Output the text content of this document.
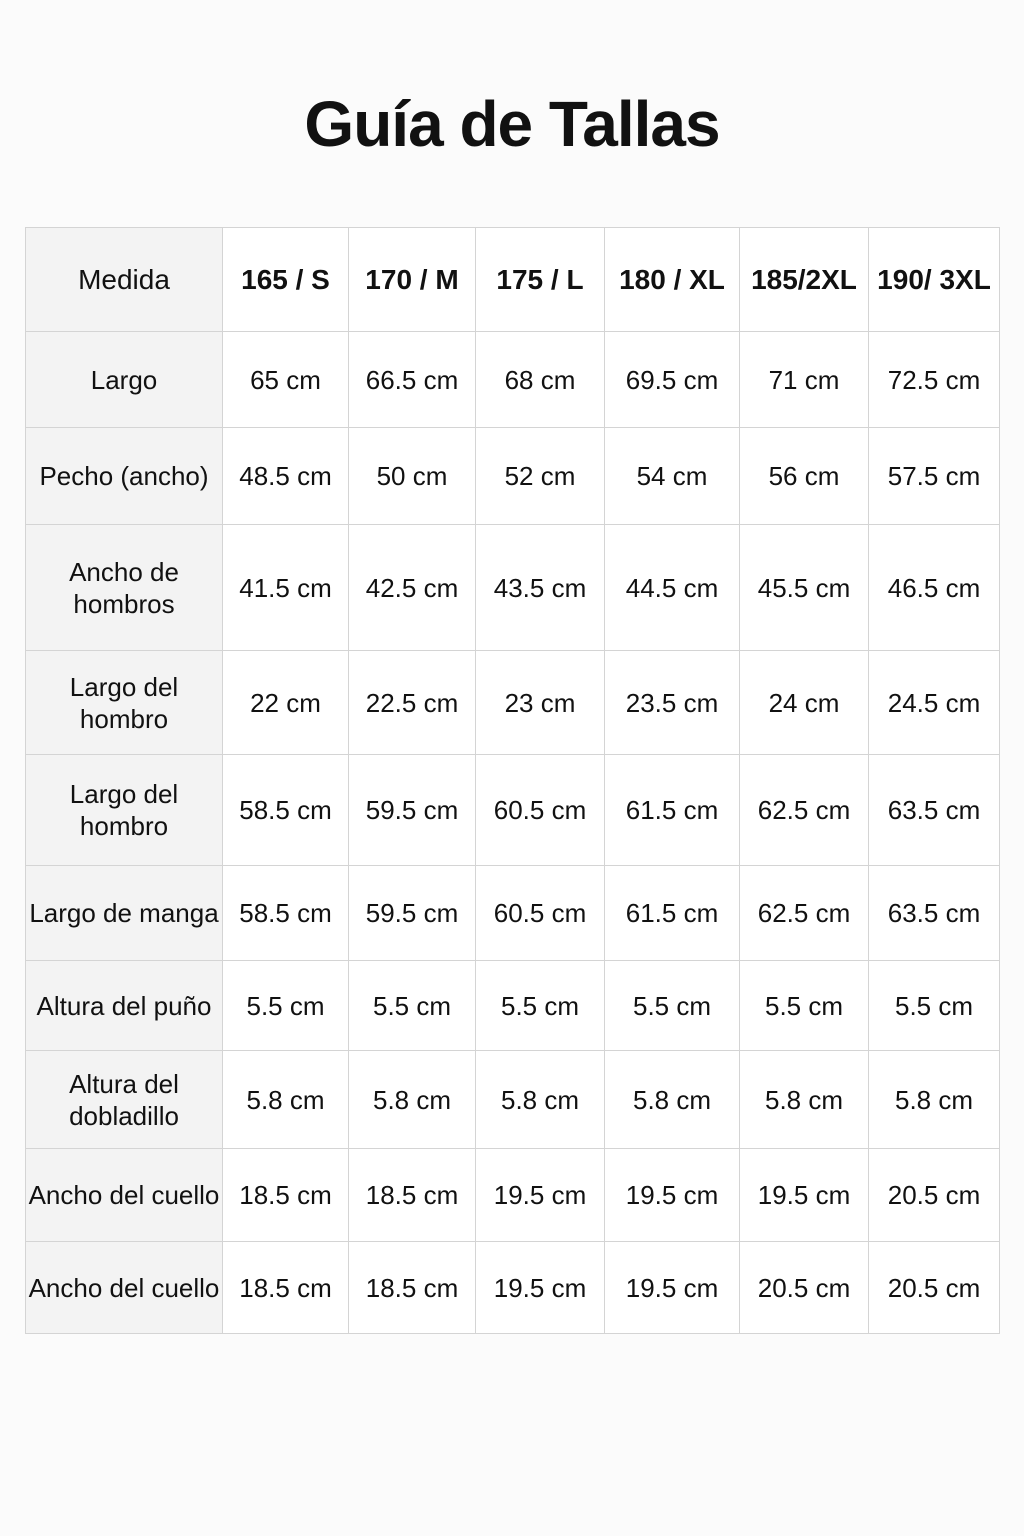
Guía de Tallas
Medida	165 / S	170 / M	175 / L	180 / XL	185/2XL	190/ 3XL
Largo	65 cm	66.5 cm	68 cm	69.5 cm	71 cm	72.5 cm
Pecho (ancho)	48.5 cm	50 cm	52 cm	54 cm	56 cm	57.5 cm
Ancho de hombros	41.5 cm	42.5 cm	43.5 cm	44.5 cm	45.5 cm	46.5 cm
Largo del hombro	22 cm	22.5 cm	23 cm	23.5 cm	24 cm	24.5 cm
Largo del hombro	58.5 cm	59.5 cm	60.5 cm	61.5 cm	62.5 cm	63.5 cm
Largo de manga	58.5 cm	59.5 cm	60.5 cm	61.5 cm	62.5 cm	63.5 cm
Altura del puño	5.5 cm	5.5 cm	5.5 cm	5.5 cm	5.5 cm	5.5 cm
Altura del dobladillo	5.8 cm	5.8 cm	5.8 cm	5.8 cm	5.8 cm	5.8 cm
Ancho del cuello	18.5 cm	18.5 cm	19.5 cm	19.5 cm	19.5 cm	20.5 cm
Ancho del cuello	18.5 cm	18.5 cm	19.5 cm	19.5 cm	20.5 cm	20.5 cm
